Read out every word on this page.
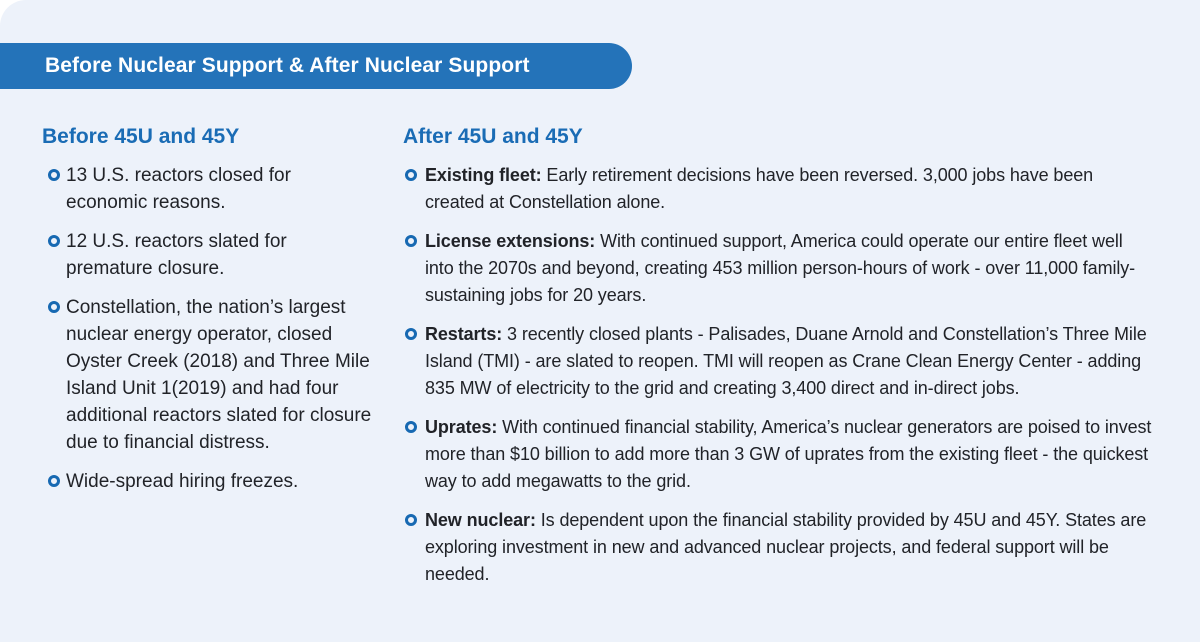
Before Nuclear Support & After Nuclear Support
Before 45U and 45Y
13 U.S. reactors closed for economic reasons.
12 U.S. reactors slated for premature closure.
Constellation, the nation’s largest nuclear energy operator, closed Oyster Creek (2018) and Three Mile Island Unit 1(2019) and had four additional reactors slated for closure due to financial distress.
Wide-spread hiring freezes.
After 45U and 45Y
Existing fleet: Early retirement decisions have been reversed. 3,000 jobs have been created at Constellation alone.
License extensions: With continued support, America could operate our entire fleet well into the 2070s and beyond, creating 453 million person-hours of work - over 11,000 family-sustaining jobs for 20 years.
Restarts: 3 recently closed plants - Palisades, Duane Arnold and Constellation’s Three Mile Island (TMI) - are slated to reopen. TMI will reopen as Crane Clean Energy Center - adding 835 MW of electricity to the grid and creating 3,400 direct and in-direct jobs.
Uprates: With continued financial stability, America’s nuclear generators are poised to invest more than $10 billion to add more than 3 GW of uprates from the existing fleet - the quickest way to add megawatts to the grid.
New nuclear: Is dependent upon the financial stability provided by 45U and 45Y. States are exploring investment in new and advanced nuclear projects, and federal support will be needed.
